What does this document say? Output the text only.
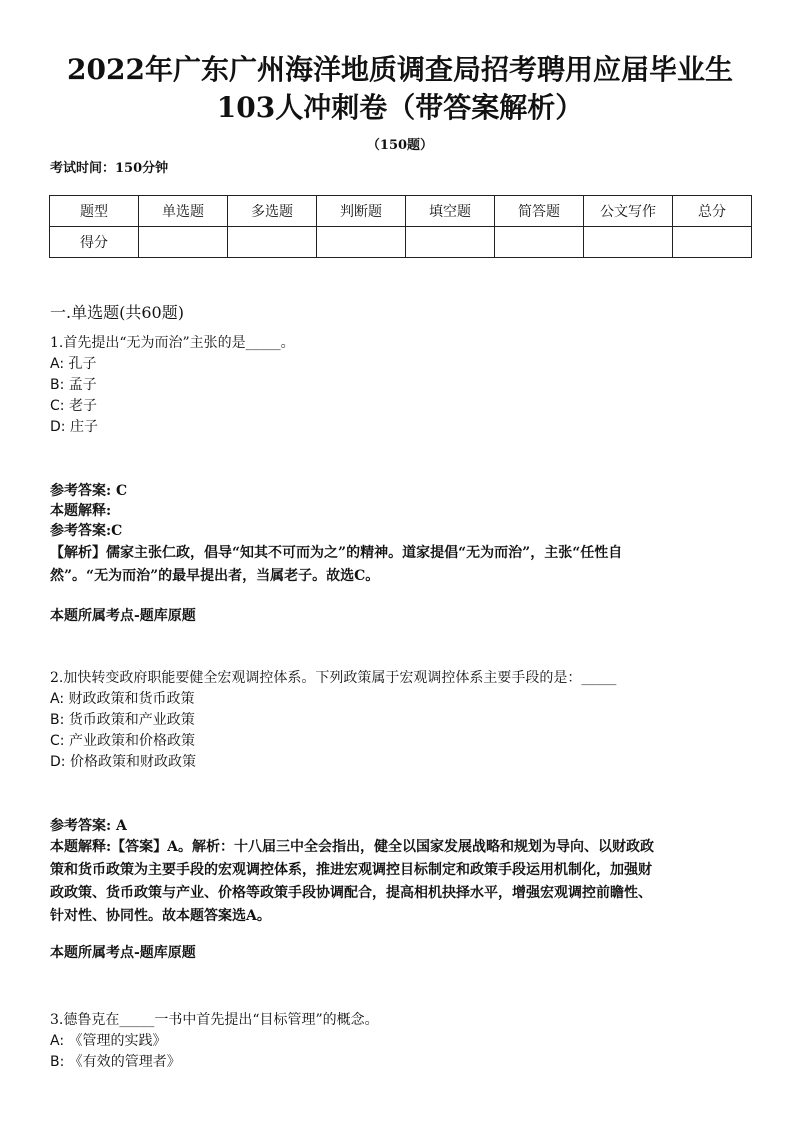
2022年广东广州海洋地质调查局招考聘用应届毕业生
103人冲刺卷（带答案解析）
（150题）
考试时间：150分钟
题型	单选题	多选题	判断题	填空题	简答题	公文写作	总分
得分							
一.单选题(共60题)
1.首先提出“无为而治”主张的是_____。
A: 孔子
B: 孟子
C: 老子
D: 庄子
参考答案: C
本题解释:
参考答案:C
【解析】儒家主张仁政，倡导“知其不可而为之”的精神。道家提倡“无为而治”，主张“任性自
然”。“无为而治”的最早提出者，当属老子。故选C。
本题所属考点-题库原题
2.加快转变政府职能要健全宏观调控体系。下列政策属于宏观调控体系主要手段的是：_____
A: 财政政策和货币政策
B: 货币政策和产业政策
C: 产业政策和价格政策
D: 价格政策和财政政策
参考答案: A
本题解释:【答案】A。解析：十八届三中全会指出，健全以国家发展战略和规划为导向、以财政政
策和货币政策为主要手段的宏观调控体系，推进宏观调控目标制定和政策手段运用机制化，加强财
政政策、货币政策与产业、价格等政策手段协调配合，提高相机抉择水平，增强宏观调控前瞻性、
针对性、协同性。故本题答案选A。
本题所属考点-题库原题
3.德鲁克在_____一书中首先提出“目标管理”的概念。
A: 《管理的实践》
B: 《有效的管理者》
